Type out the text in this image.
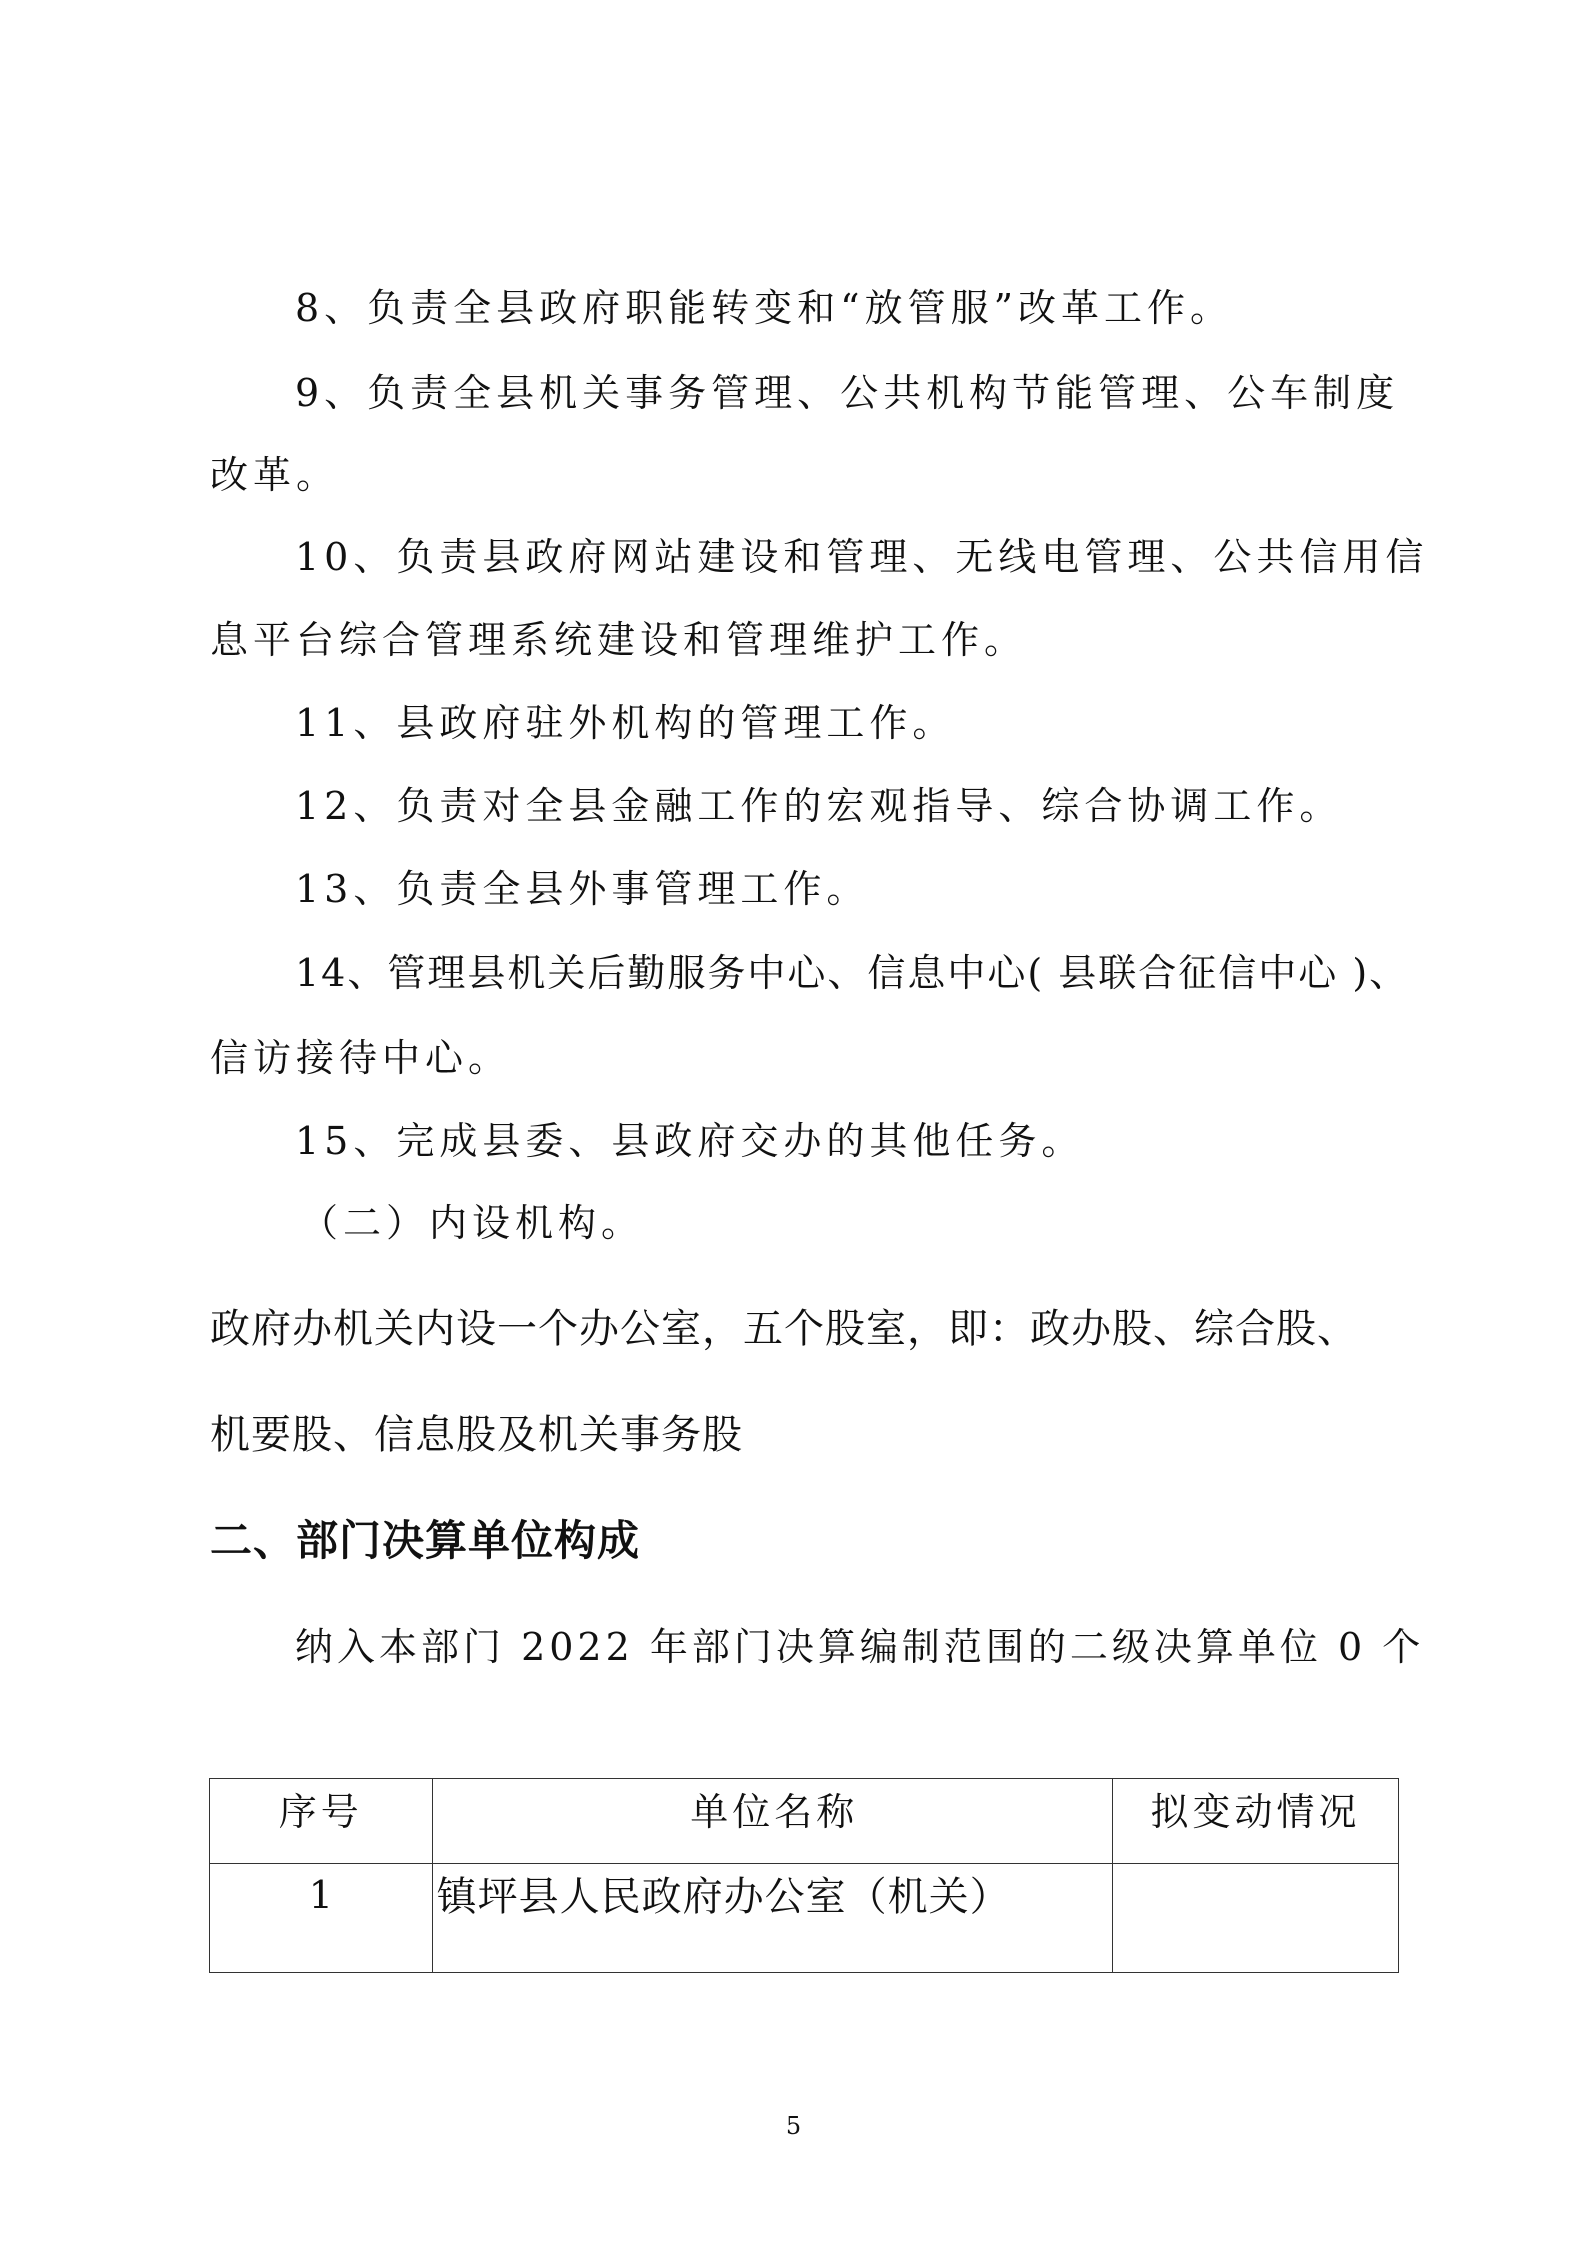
8、负责全县政府职能转变和“放管服”改革工作。
9、负责全县机关事务管理、公共机构节能管理、公车制度
改革。
10、负责县政府网站建设和管理、无线电管理、公共信用信
息平台综合管理系统建设和管理维护工作。
11、县政府驻外机构的管理工作。
12、负责对全县金融工作的宏观指导、综合协调工作。
13、负责全县外事管理工作。
14、管理县机关后勤服务中心、信息中心( 县联合征信中心 )、
信访接待中心。
15、完成县委、县政府交办的其他任务。
（二）内设机构。
政府办机关内设一个办公室，五个股室，即：政办股、综合股、
机要股、信息股及机关事务股
二、部门决算单位构成
纳入本部门 2022 年部门决算编制范围的二级决算单位 0 个
序号	单位名称	拟变动情况
1	镇坪县人民政府办公室（机关）	
5
